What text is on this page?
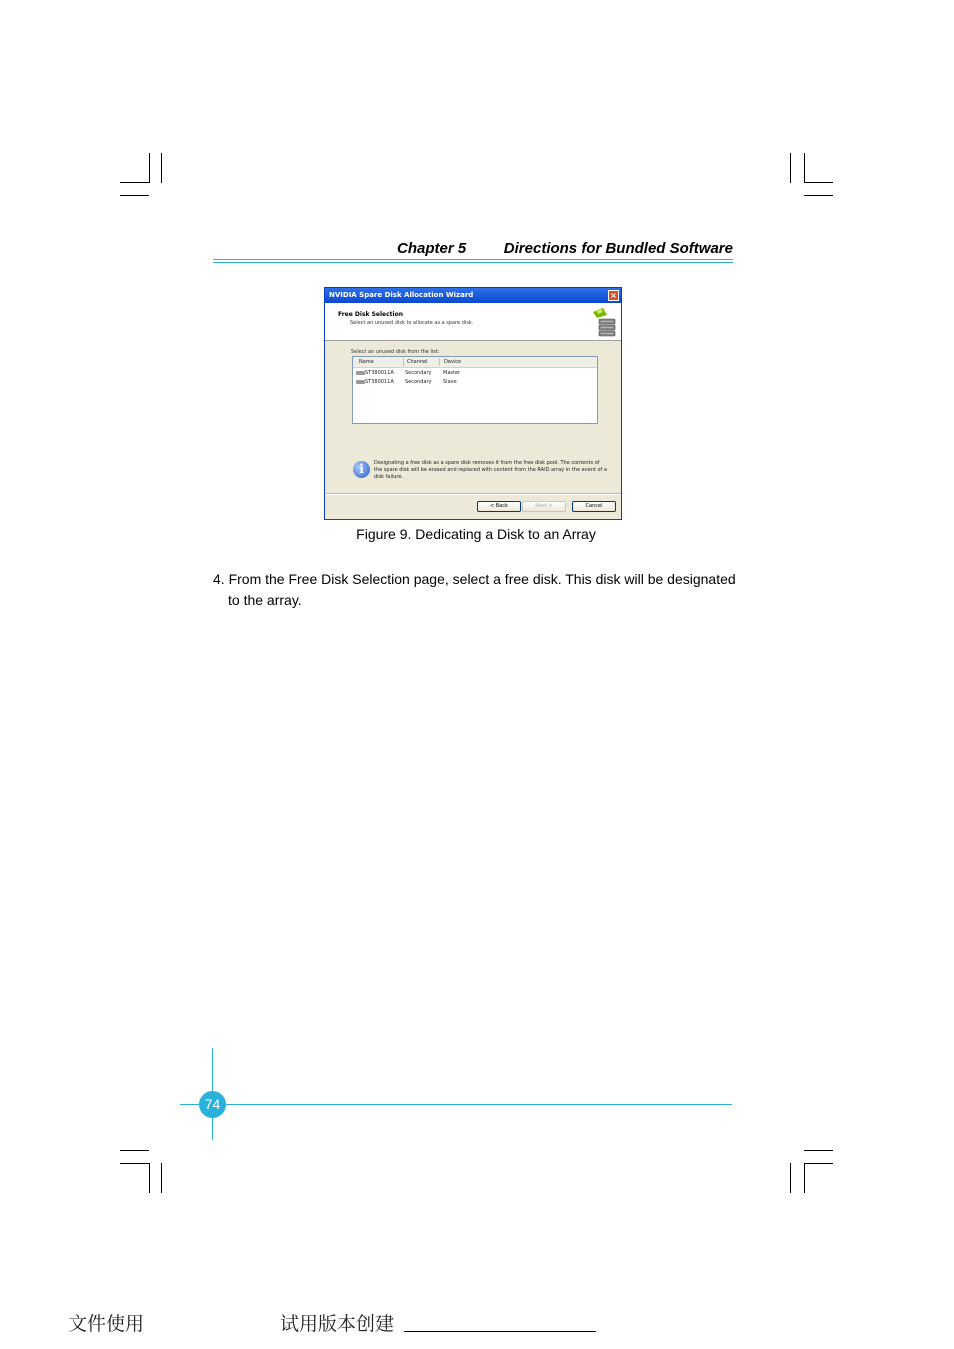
Chapter 5	Directions for Bundled Software
NVIDIA Spare Disk Allocation Wizard	×
Free Disk Selection
Select an unused disk to allocate as a spare disk.
Select an unused disk from the list:
Name	Channel	Device
ST380011A Secondary Master
ST380011A Secondary Slave
i	Designating a free disk as a spare disk removes it from the free disk pool. The contents of the spare disk will be erased and replaced with content from the RAID array in the event of a disk failure.
< Back	Next >	Cancel
Figure 9. Dedicating a Disk to an Array
4. From the Free Disk Selection page, select a free disk. This disk will be designated
to the array.
74
文件使用	试用版本创建
